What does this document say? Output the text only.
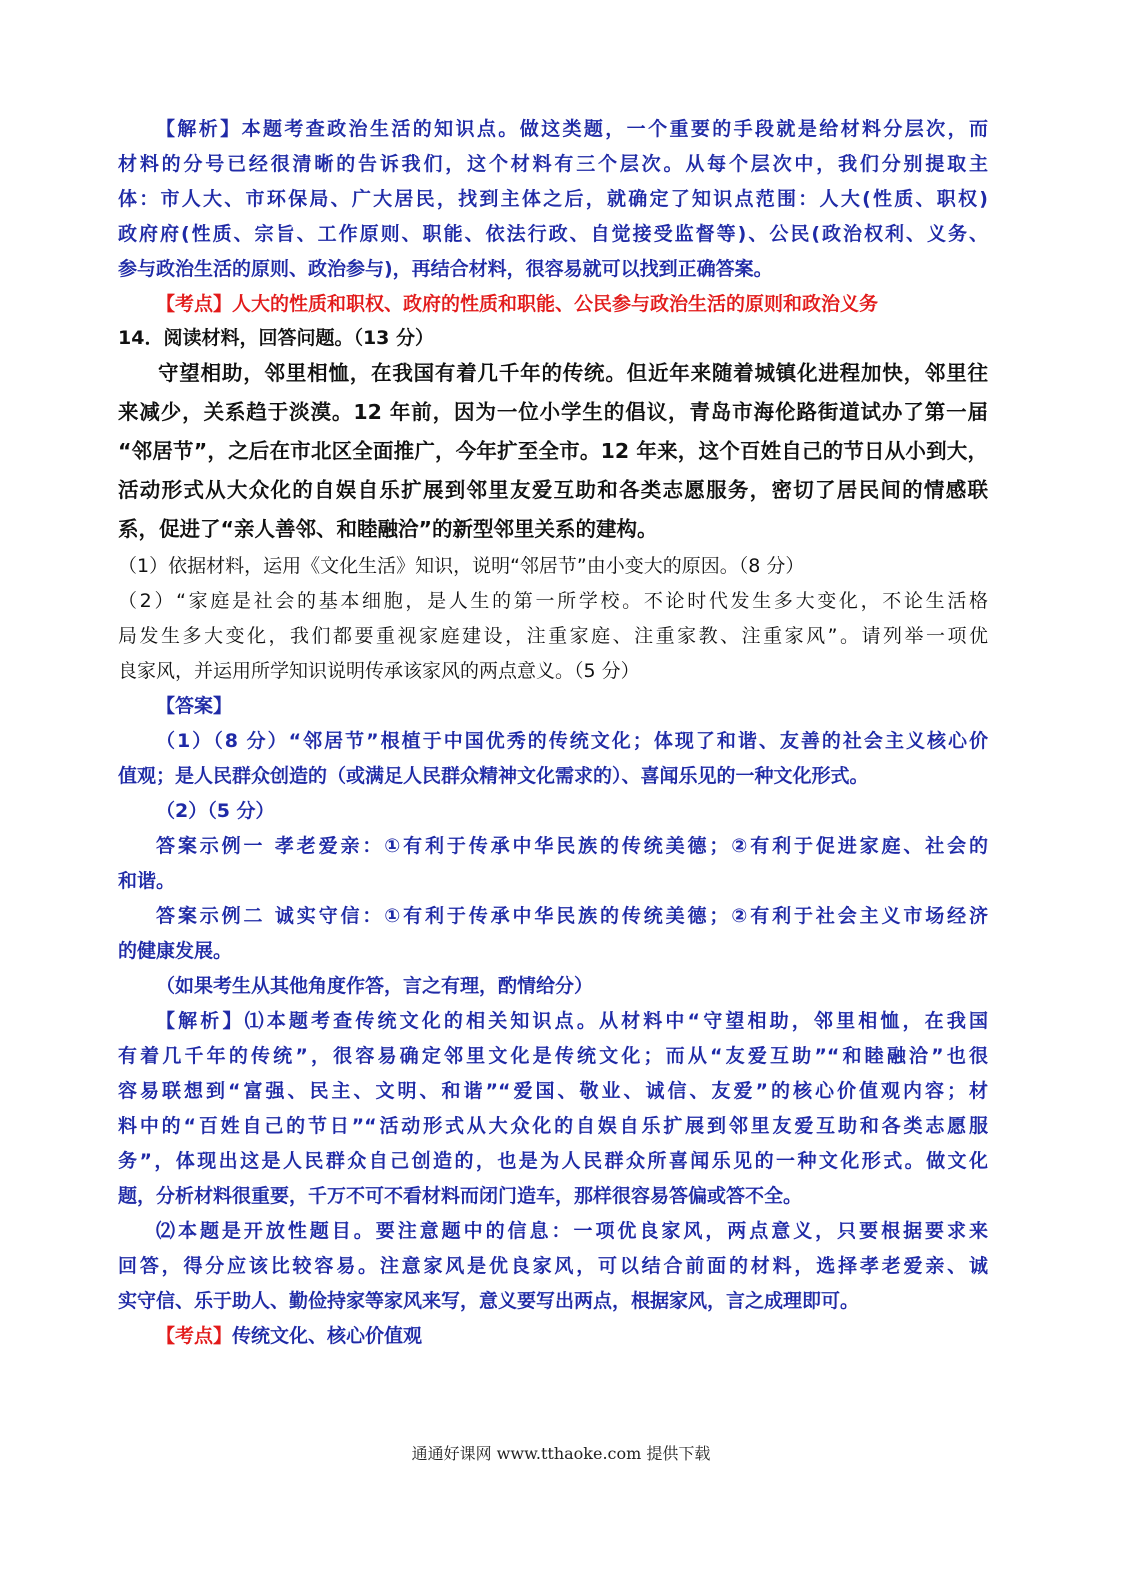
【解析】本题考查政治生活的知识点。做这类题，一个重要的手段就是给材料分层次，而
材料的分号已经很清晰的告诉我们，这个材料有三个层次。从每个层次中，我们分别提取主
体：市人大、市环保局、广大居民，找到主体之后，就确定了知识点范围：人大(性质、职权)
政府府(性质、宗旨、工作原则、职能、依法行政、自觉接受监督等)、公民(政治权利、义务、
参与政治生活的原则、政治参与)，再结合材料，很容易就可以找到正确答案。
【考点】人大的性质和职权、政府的性质和职能、公民参与政治生活的原则和政治义务
14．阅读材料，回答问题。（13 分）
守望相助，邻里相恤，在我国有着几千年的传统。但近年来随着城镇化进程加快，邻里往
来减少，关系趋于淡漠。12 年前，因为一位小学生的倡议，青岛市海伦路街道试办了第一届
“邻居节”，之后在市北区全面推广，今年扩至全市。12 年来，这个百姓自己的节日从小到大，
活动形式从大众化的自娱自乐扩展到邻里友爱互助和各类志愿服务，密切了居民间的情感联
系，促进了“亲人善邻、和睦融洽”的新型邻里关系的建构。
（1）依据材料，运用《文化生活》知识，说明“邻居节”由小变大的原因。（8 分）
（2）“家庭是社会的基本细胞，是人生的第一所学校。不论时代发生多大变化，不论生活格
局发生多大变化，我们都要重视家庭建设，注重家庭、注重家教、注重家风”。请列举一项优
良家风，并运用所学知识说明传承该家风的两点意义。（5 分）
【答案】
（1）（8 分）“邻居节”根植于中国优秀的传统文化；体现了和谐、友善的社会主义核心价
值观；是人民群众创造的（或满足人民群众精神文化需求的）、喜闻乐见的一种文化形式。
（2）（5 分）
答案示例一 孝老爱亲：①有利于传承中华民族的传统美德；②有利于促进家庭、社会的
和谐。
答案示例二 诚实守信：①有利于传承中华民族的传统美德；②有利于社会主义市场经济
的健康发展。
（如果考生从其他角度作答，言之有理，酌情给分）
【解析】⑴本题考查传统文化的相关知识点。从材料中“守望相助，邻里相恤，在我国
有着几千年的传统”，很容易确定邻里文化是传统文化；而从“友爱互助”“和睦融洽”也很
容易联想到“富强、民主、文明、和谐”“爱国、敬业、诚信、友爱”的核心价值观内容；材
料中的“百姓自己的节日”“活动形式从大众化的自娱自乐扩展到邻里友爱互助和各类志愿服
务”，体现出这是人民群众自己创造的，也是为人民群众所喜闻乐见的一种文化形式。做文化
题，分析材料很重要，千万不可不看材料而闭门造车，那样很容易答偏或答不全。
⑵本题是开放性题目。要注意题中的信息：一项优良家风，两点意义，只要根据要求来
回答，得分应该比较容易。注意家风是优良家风，可以结合前面的材料，选择孝老爱亲、诚
实守信、乐于助人、勤俭持家等家风来写，意义要写出两点，根据家风，言之成理即可。
【考点】传统文化、核心价值观
通通好课网 www.tthaoke.com 提供下载
